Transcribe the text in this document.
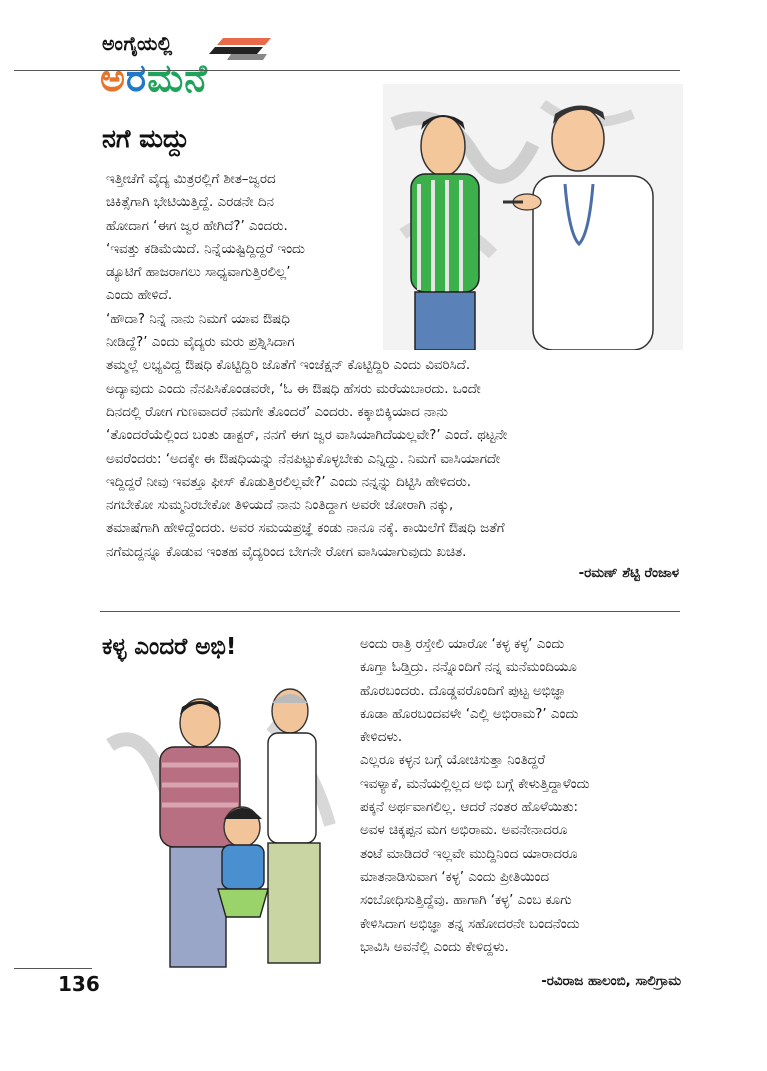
ಅಂಗೈಯಲ್ಲಿ
ಅರಮನೆ
ನಗೆ ಮದ್ದು
ಇತ್ತೀಚೆಗೆ ವೈದ್ಯ ಮಿತ್ರರಲ್ಲಿಗೆ ಶೀತ–ಜ್ವರದ
ಚಿಕಿತ್ಸೆಗಾಗಿ ಭೇಟಿಯಿತ್ತಿದ್ದೆ. ಎರಡನೇ ದಿನ
ಹೋದಾಗ ‘ಈಗ ಜ್ವರ ಹೇಗಿದೆ?’ ಎಂದರು.
‘ಇವತ್ತು ಕಡಿಮೆಯಿದೆ. ನಿನ್ನೆಯಷ್ಟಿದ್ದಿದ್ದರೆ ಇಂದು
ಡ್ಯೂಟಿಗೆ ಹಾಜರಾಗಲು ಸಾಧ್ಯವಾಗುತ್ತಿರಲಿಲ್ಲ’
ಎಂದು ಹೇಳಿದೆ.
‘ಹೌದಾ? ನಿನ್ನೆ ನಾನು ನಿಮಗೆ ಯಾವ ಔಷಧಿ
ನೀಡಿದ್ದೆ?’ ಎಂದು ವೈದ್ಯರು ಮರು ಪ್ರಶ್ನಿಸಿದಾಗ
ತಮ್ಮಲ್ಲೆ ಲಭ್ಯವಿದ್ದ ಔಷಧಿ ಕೊಟ್ಟಿದ್ದಿರಿ ಜೊತೆಗೆ ಇಂಜೆಕ್ಷನ್ ಕೊಟ್ಟಿದ್ದಿರಿ ಎಂದು ವಿವರಿಸಿದೆ.
ಅದ್ಯಾವುದು ಎಂದು ನೆನಪಿಸಿಕೊಂಡವರೇ, ‘ಓ ಈ ಔಷಧಿ ಹೆಸರು ಮರೆಯಬಾರದು. ಒಂದೇ
ದಿನದಲ್ಲಿ ರೋಗ ಗುಣವಾದರೆ ನಮಗೇ ತೊಂದರೆ’ ಎಂದರು. ಕಕ್ಕಾಬಿಕ್ಕಿಯಾದ ನಾನು
‘ತೊಂದರೆಯೆಲ್ಲಿಂದ ಬಂತು ಡಾಕ್ಟರ್, ನನಗೆ ಈಗ ಜ್ವರ ವಾಸಿಯಾಗಿದೆಯಲ್ಲವೇ?’ ಎಂದೆ. ಥಟ್ಟನೇ
ಅವರೆಂದರು: ‘ಅದಕ್ಕೇ ಈ ಔಷಧಿಯನ್ನು ನೆನಪಿಟ್ಟುಕೊಳ್ಳಬೇಕು ಎನ್ನಿದ್ದು. ನಿಮಗೆ ವಾಸಿಯಾಗದೇ
ಇದ್ದಿದ್ದರೆ ನೀವು ಇವತ್ತೂ ಫೀಸ್ ಕೊಡುತ್ತಿರಲಿಲ್ಲವೇ?’ ಎಂದು ನನ್ನನ್ನು ದಿಟ್ಟಿಸಿ ಹೇಳಿದರು.
ನಗಬೇಕೋ ಸುಮ್ಮನಿರಬೇಕೋ ತಿಳಿಯದೆ ನಾನು ನಿಂತಿದ್ದಾಗ ಅವರೇ ಜೋರಾಗಿ ನಕ್ಕು,
ತಮಾಷೆಗಾಗಿ ಹೇಳಿದ್ದೆಂದರು. ಅವರ ಸಮಯಪ್ರಜ್ಞೆ ಕಂಡು ನಾನೂ ನಕ್ಕೆ. ಕಾಯಿಲೆಗೆ ಔಷಧಿ ಜತೆಗೆ
ನಗೆಮದ್ದನ್ನೂ ಕೊಡುವ ಇಂತಹ ವೈದ್ಯರಿಂದ ಬೇಗನೇ ರೋಗ ವಾಸಿಯಾಗುವುದು ಖಚಿತ.
-ರಮಣ್ ಶೆಟ್ಟಿ ರೆಂಜಾಳ
ಕಳ್ಳ ಎಂದರೆ ಅಭಿ!	ಅಂದು ರಾತ್ರಿ ರಸ್ತೇಲಿ ಯಾರೋ ‘ಕಳ್ಳ ಕಳ್ಳ’ ಎಂದು
ಕೂಗ್ತಾ ಓಡ್ತಿದ್ರು. ನನ್ನೊಂದಿಗೆ ನನ್ನ ಮನೆಮಂದಿಯೂ
ಹೊರಬಂದರು. ದೊಡ್ಡವರೊಂದಿಗೆ ಪುಟ್ಟ ಅಭಿಜ್ಞಾ
ಕೂಡಾ ಹೊರಬಂದವಳೇ ‘ಎಲ್ಲಿ ಅಭಿರಾಮ?’ ಎಂದು
ಕೇಳಿದಳು.
ಎಲ್ಲರೂ ಕಳ್ಳನ ಬಗ್ಗೆ ಯೋಚಿಸುತ್ತಾ ನಿಂತಿದ್ದರೆ
ಇವಳ್ಯಾಕೆ, ಮನೆಯಲ್ಲಿಲ್ಲದ ಅಭಿ ಬಗ್ಗೆ ಕೇಳುತ್ತಿದ್ದಾಳೆಂದು
ಪಕ್ಕನೆ ಅರ್ಥವಾಗಲಿಲ್ಲ. ಆದರೆ ನಂತರ ಹೊಳೆಯಿತು:
ಅವಳ ಚಿಕ್ಕಪ್ಪನ ಮಗ ಅಭಿರಾಮ. ಅವನೇನಾದರೂ
ತಂಟೆ ಮಾಡಿದರೆ ಇಲ್ಲವೇ ಮುದ್ದಿನಿಂದ ಯಾರಾದರೂ
ಮಾತನಾಡಿಸುವಾಗ ‘ಕಳ್ಳ’ ಎಂದು ಪ್ರೀತಿಯಿಂದ
ಸಂಬೋಧಿಸುತ್ತಿದ್ದೆವು. ಹಾಗಾಗಿ ‘ಕಳ್ಳ’ ಎಂಬ ಕೂಗು
ಕೇಳಿಸಿದಾಗ ಅಭಿಜ್ಞಾ ತನ್ನ ಸಹೋದರನೇ ಬಂದನೆಂದು
ಭಾವಿಸಿ ಅವನೆಲ್ಲಿ ಎಂದು ಕೇಳಿದ್ದಳು.
-ರವಿರಾಜ ಹಾಲಂಬಿ, ಸಾಲಿಗ್ರಾಮ
136
